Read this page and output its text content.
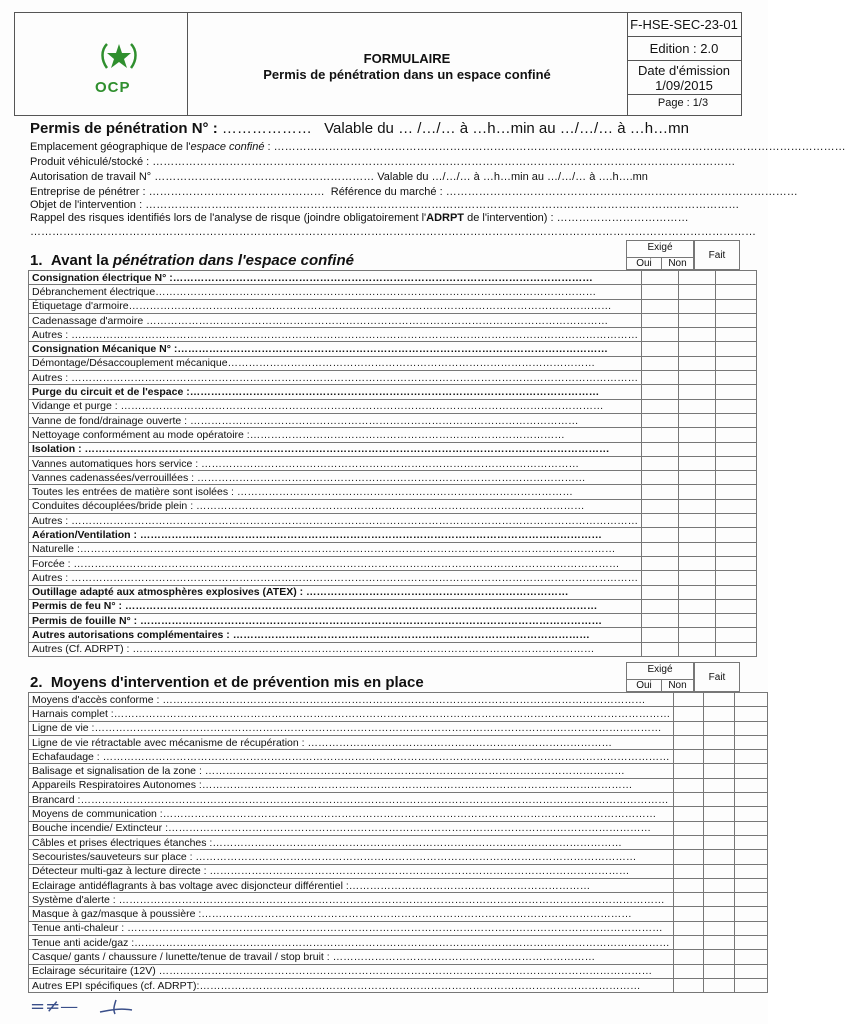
OCP
FORMULAIRE
Permis de pénétration dans un espace confiné
F-HSE-SEC-23-01
Edition : 2.0
Date d'émission
1/09/2015
Page : 1/3
Permis de pénétration N° : ……………… Valable du … /…/… à …h…min au …/…/… à …h…mn
Emplacement géographique de l'espace confiné : …………………………………………………………………………………………………………………………………………
Produit véhiculé/stocké : ……………………………………………………………………………………………………………………………………………
Autorisation de travail N° …………………………………………………… Valable du …/…/… à …h…min au …/…/… à ….h….mn
Entreprise de pénétrer : ………………………………………… Référence du marché : ……………………………………………………………………………………
Objet de l'intervention : ………………………………………………………………………………………………………………………………………………
Rappel des risques identifiés lors de l'analyse de risque (joindre obligatoirement l'ADRPT de l'intervention) : ………………………………
………………………………………………………………………………………………………………………………………………………………………………
1. Avant la pénétration dans l'espace confiné
Exigé
Oui	Non
Fait
Consignation électrique N° :…………………………………………………………………………………………………………			
Débranchement électrique………………………………………………………………………………………………………………			
Étiquetage d'armoire…………………………………………………………………………………………………………………………			
Cadenassage d'armoire ……………………………………………………………………………………………………………………			
Autres : ………………………………………………………………………………………………………………………………………………			
Consignation Mécanique N° :……………………………………………………………………………………………………………			
Démontage/Désaccouplement mécanique……………………………………………………………………………………………			
Autres : ………………………………………………………………………………………………………………………………………………			
Purge du circuit et de l'espace :………………………………………………………………………………………………………			
Vidange et purge : …………………………………………………………………………………………………………………………			
Vanne de fond/drainage ouverte : …………………………………………………………………………………………………			
Nettoyage conformément au mode opératoire :………………………………………………………………………………			
Isolation : ……………………………………………………………………………………………………………………………………			
Vannes automatiques hors service : ………………………………………………………………………………………………			
Vannes cadenassées/verrouillées : …………………………………………………………………………………………………			
Toutes les entrées de matière sont isolées : ……………………………………………………………………………………			
Conduites découplées/bride plein : …………………………………………………………………………………………………			
Autres : ………………………………………………………………………………………………………………………………………………			
Aération/Ventilation : ……………………………………………………………………………………………………………………			
Naturelle :………………………………………………………………………………………………………………………………………			
Forcée : …………………………………………………………………………………………………………………………………………			
Autres : ………………………………………………………………………………………………………………………………………………			
Outillage adapté aux atmosphères explosives (ATEX) : …………………………………………………………………			
Permis de feu N° : ………………………………………………………………………………………………………………………			
Permis de fouille N° : ……………………………………………………………………………………………………………………			
Autres autorisations complémentaires : …………………………………………………………………………………………			
Autres (Cf. ADRPT) : ……………………………………………………………………………………………………………………			
2. Moyens d'intervention et de prévention mis en place
Exigé
Oui	Non
Fait
Moyens d'accès conforme : …………………………………………………………………………………………………………………………			
Harnais complet :……………………………………………………………………………………………………………………………………………			
Ligne de vie :………………………………………………………………………………………………………………………………………………			
Ligne de vie rétractable avec mécanisme de récupération : ……………………………………………………………………………			
Echafaudage : ………………………………………………………………………………………………………………………………………………			
Balisage et signalisation de la zone : …………………………………………………………………………………………………………			
Appareils Respiratoires Autonomes :……………………………………………………………………………………………………………			
Brancard :……………………………………………………………………………………………………………………………………………………			
Moyens de communication :……………………………………………………………………………………………………………………………			
Bouche incendie/ Extincteur :…………………………………………………………………………………………………………………………			
Câbles et prises électriques étanches :………………………………………………………………………………………………………			
Secouristes/sauveteurs sur place : ………………………………………………………………………………………………………………			
Détecteur multi-gaz à lecture directe : …………………………………………………………………………………………………………			
Eclairage antidéflagrants à bas voltage avec disjoncteur différentiel :……………………………………………………………			
Système d'alerte : …………………………………………………………………………………………………………………………………………			
Masque à gaz/masque à poussière :……………………………………………………………………………………………………………			
Tenue anti-chaleur : ………………………………………………………………………………………………………………………………………			
Tenue anti acide/gaz :………………………………………………………………………………………………………………………………………			
Casque/ gants / chaussure / lunette/tenue de travail / stop bruit : …………………………………………………………………			
Eclairage sécuritaire (12V) ……………………………………………………………………………………………………………………………			
Autres EPI spécifiques (cf. ADRPT):………………………………………………………………………………………………………………			
=≠—
